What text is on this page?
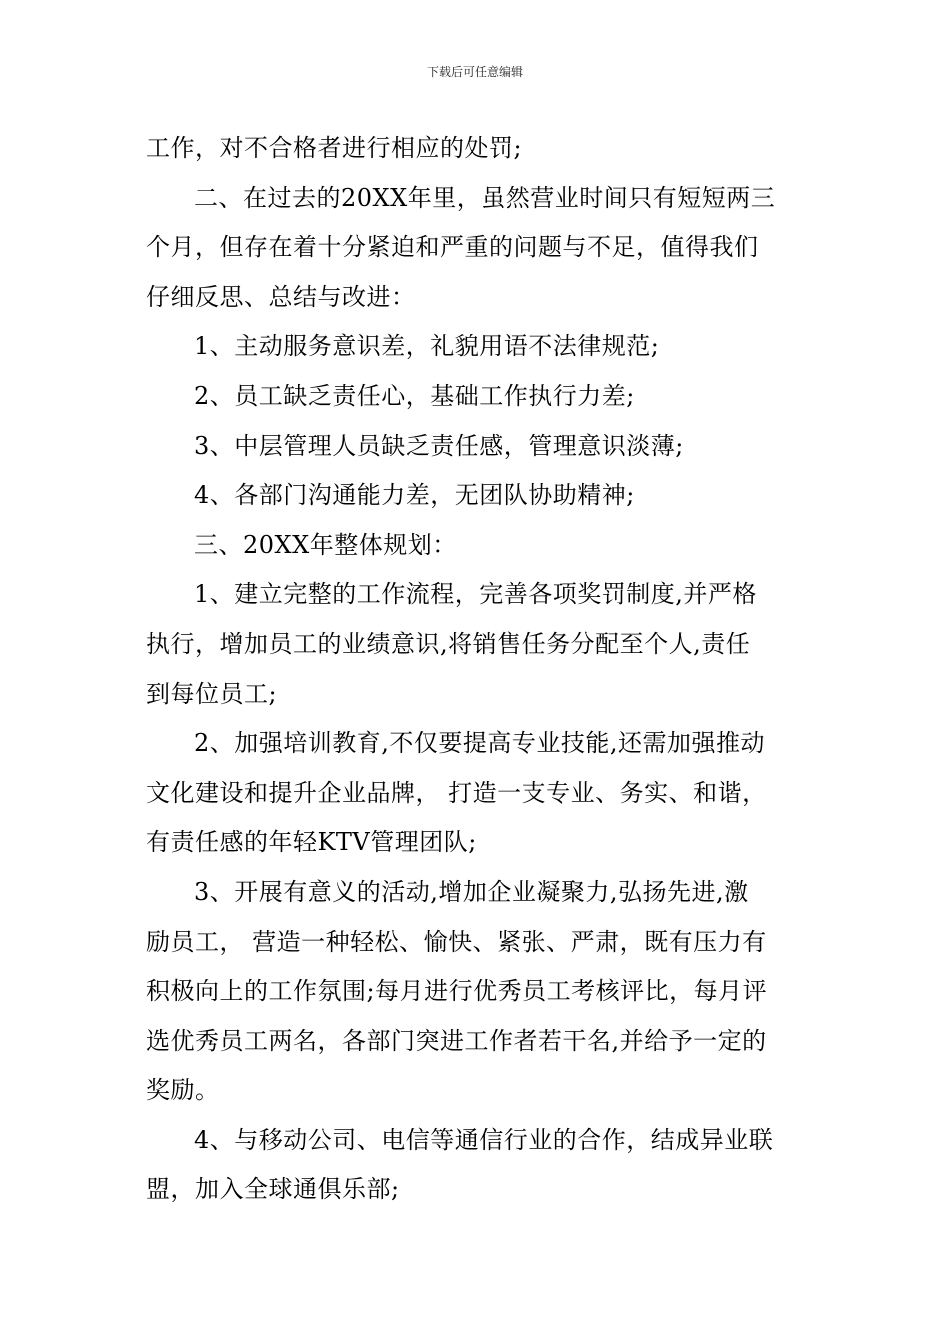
下载后可任意编辑
工作，对不合格者进行相应的处罚;
二、在过去的20XX年里，虽然营业时间只有短短两三
个月，但存在着十分紧迫和严重的问题与不足，值得我们
仔细反思、总结与改进：
1、主动服务意识差，礼貌用语不法律规范;
2、员工缺乏责任心，基础工作执行力差;
3、中层管理人员缺乏责任感，管理意识淡薄;
4、各部门沟通能力差，无团队协助精神;
三、20XX年整体规划：
1、建立完整的工作流程，完善各项奖罚制度,并严格
执行，增加员工的业绩意识,将销售任务分配至个人,责任
到每位员工;
2、加强培训教育,不仅要提高专业技能,还需加强推动
文化建设和提升企业品牌， 打造一支专业、务实、和谐，
有责任感的年轻KTV管理团队;
3、开展有意义的活动,增加企业凝聚力,弘扬先进,激
励员工， 营造一种轻松、愉快、紧张、严肃，既有压力有
积极向上的工作氛围;每月进行优秀员工考核评比，每月评
选优秀员工两名，各部门突进工作者若干名,并给予一定的
奖励。
4、与移动公司、电信等通信行业的合作，结成异业联
盟，加入全球通俱乐部;
